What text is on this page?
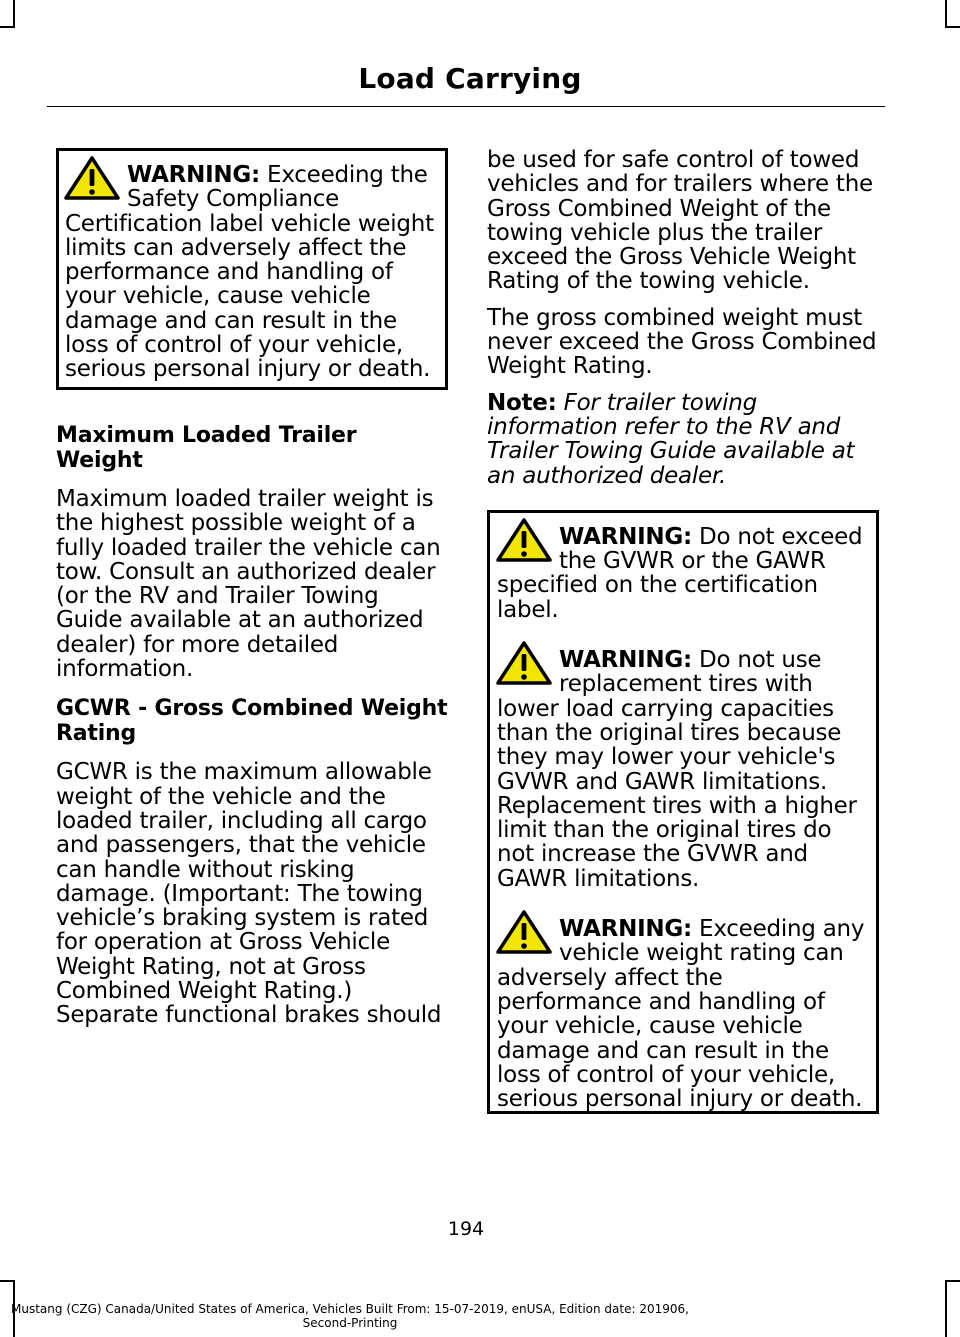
Load Carrying
WARNING: Exceeding the Safety Compliance Certification label vehicle weight limits can adversely affect the performance and handling of your vehicle, cause vehicle damage and can result in the loss of control of your vehicle, serious personal injury or death.
Maximum Loaded Trailer Weight

Maximum loaded trailer weight is the highest possible weight of a fully loaded trailer the vehicle can tow. Consult an authorized dealer (or the RV and Trailer Towing Guide available at an authorized dealer) for more detailed information.

GCWR - Gross Combined Weight Rating

GCWR is the maximum allowable weight of the vehicle and the loaded trailer, including all cargo and passengers, that the vehicle can handle without risking damage. (Important: The towing vehicle’s braking system is rated for operation at Gross Vehicle Weight Rating, not at Gross Combined Weight Rating.) Separate functional brakes should

be used for safe control of towed vehicles and for trailers where the Gross Combined Weight of the towing vehicle plus the trailer exceed the Gross Vehicle Weight Rating of the towing vehicle.

The gross combined weight must never exceed the Gross Combined Weight Rating.

Note: For trailer towing information refer to the RV and Trailer Towing Guide available at an authorized dealer.

WARNING: Do not exceed the GVWR or the GAWR specified on the certification label.
WARNING: Do not use replacement tires with lower load carrying capacities than the original tires because they may lower your vehicle's GVWR and GAWR limitations. Replacement tires with a higher limit than the original tires do not increase the GVWR and GAWR limitations.
WARNING: Exceeding any vehicle weight rating can adversely affect the performance and handling of your vehicle, cause vehicle damage and can result in the loss of control of your vehicle, serious personal injury or death.
194
Mustang (CZG) Canada/United States of America, Vehicles Built From: 15-07-2019, enUSA, Edition date: 201906, Second-Printing
